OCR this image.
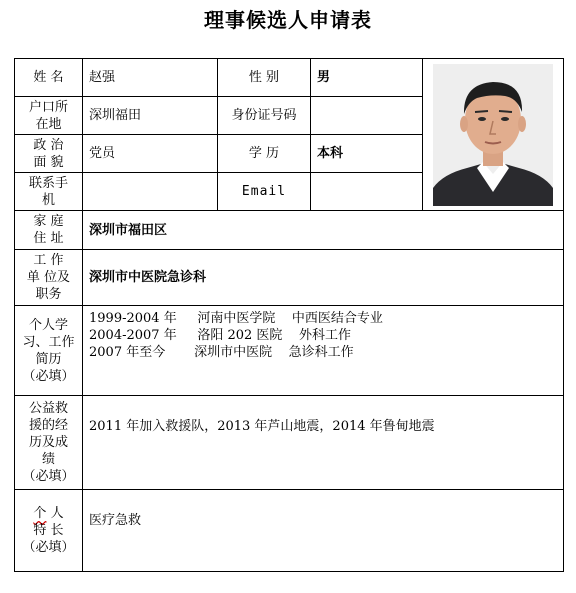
理事候选人申请表
姓 名	赵强	性 别	男	

户口所
在地	深圳福田	身份证号码		

政 治
面 貌	党员	学 历	本科	

联系手
机		Email		

家 庭
住 址	深圳市福田区			

工 作
单 位及
职务	深圳市中医院急诊科			

个人学
习、工作
简历
（必填）	1999-2004 年     河南中医学院    中西医结合专业
2004-2007 年     洛阳 202 医院    外科工作
2007 年至今       深圳市中医院    急诊科工作			

公益救
援的经
历及成
绩
（必填）	2011 年加入救援队，2013 年芦山地震，2014 年鲁甸地震			

个 人
特 长
（必填）	医疗急救			
